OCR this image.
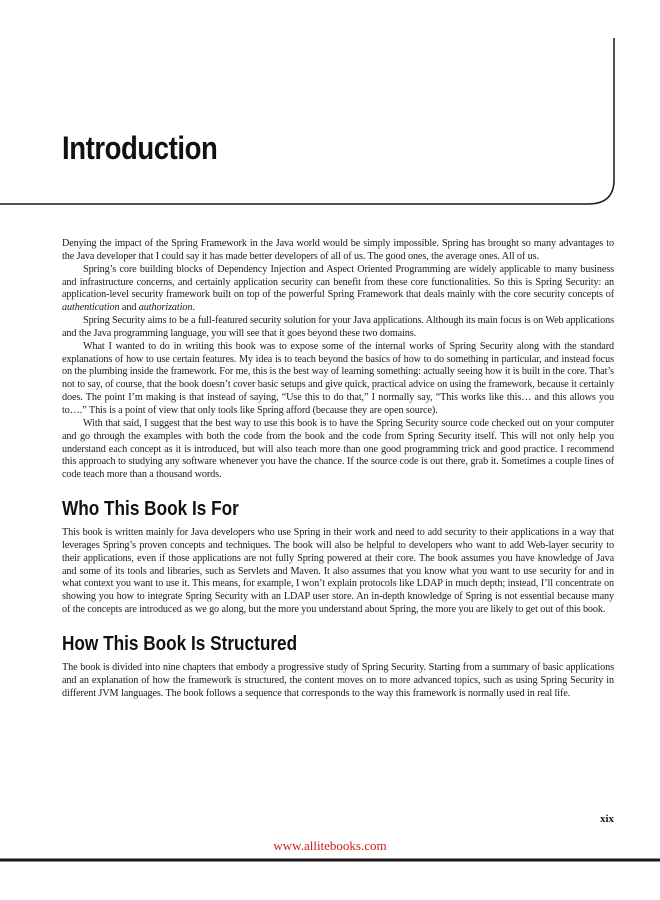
Introduction

Denying the impact of the Spring Framework in the Java world would be simply impossible. Spring has brought so many advantages to the Java developer that I could say it has made better developers of all of us. The good ones, the average ones. All of us.

Spring’s core building blocks of Dependency Injection and Aspect Oriented Programming are widely applicable to many business and infrastructure concerns, and certainly application security can benefit from these core functionalities. So this is Spring Security: an application-level security framework built on top of the powerful Spring Framework that deals mainly with the core security concepts of authentication and authorization.

Spring Security aims to be a full-featured security solution for your Java applications. Although its main focus is on Web applications and the Java programming language, you will see that it goes beyond these two domains.

What I wanted to do in writing this book was to expose some of the internal works of Spring Security along with the standard explanations of how to use certain features. My idea is to teach beyond the basics of how to do something in particular, and instead focus on the plumbing inside the framework. For me, this is the best way of learning something: actually seeing how it is built in the core. That’s not to say, of course, that the book doesn’t cover basic setups and give quick, practical advice on using the framework, because it certainly does. The point I’m making is that instead of saying, “Use this to do that,” I normally say, “This works like this… and this allows you to….” This is a point of view that only tools like Spring afford (because they are open source).

With that said, I suggest that the best way to use this book is to have the Spring Security source code checked out on your computer and go through the examples with both the code from the book and the code from Spring Security itself. This will not only help you understand each concept as it is introduced, but will also teach more than one good programming trick and good practice. I recommend this approach to studying any software whenever you have the chance. If the source code is out there, grab it. Sometimes a couple lines of code teach more than a thousand words.

Who This Book Is For

This book is written mainly for Java developers who use Spring in their work and need to add security to their applications in a way that leverages Spring’s proven concepts and techniques. The book will also be helpful to developers who want to add Web-layer security to their applications, even if those applications are not fully Spring powered at their core. The book assumes you have knowledge of Java and some of its tools and libraries, such as Servlets and Maven. It also assumes that you know what you want to use security for and in what context you want to use it. This means, for example, I won’t explain protocols like LDAP in much depth; instead, I’ll concentrate on showing you how to integrate Spring Security with an LDAP user store. An in-depth knowledge of Spring is not essential because many of the concepts are introduced as we go along, but the more you understand about Spring, the more you are likely to get out of this book.

How This Book Is Structured

The book is divided into nine chapters that embody a progressive study of Spring Security. Starting from a summary of basic applications and an explanation of how the framework is structured, the content moves on to more advanced topics, such as using Spring Security in different JVM languages. The book follows a sequence that corresponds to the way this framework is normally used in real life.

xix
www.allitebooks.com
